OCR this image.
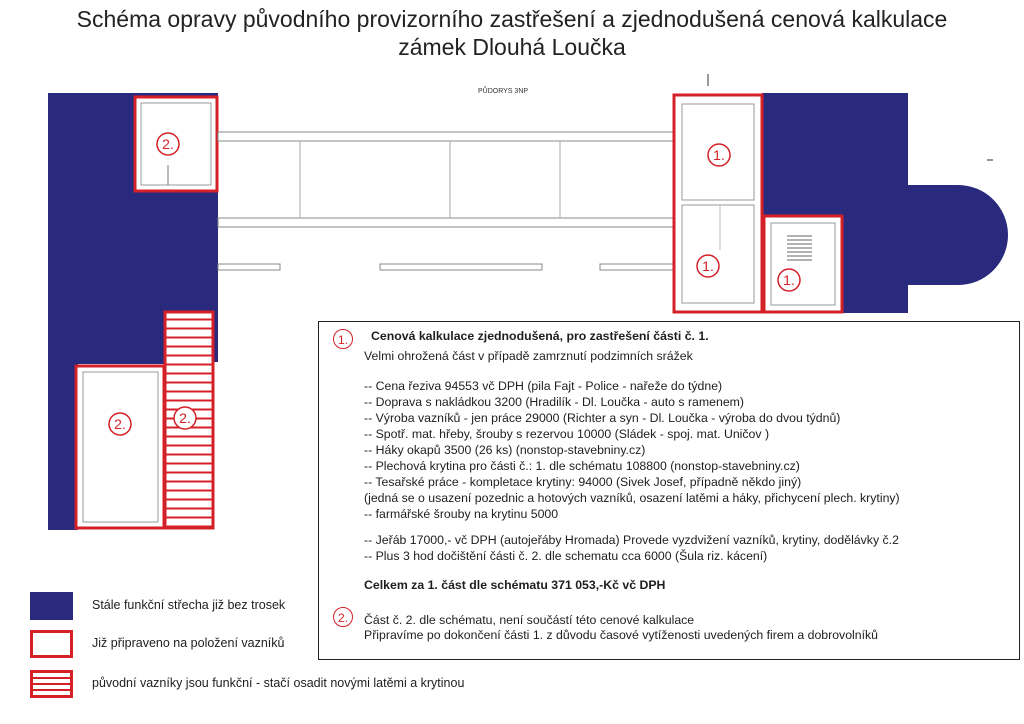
Schéma opravy původního provizorního zastřešení a zjednodušená cenová kalkulace
zámek Dlouhá Loučka
PŮDORYS 3NP
2.
1.
1.
1.
2.	2.
1.	Cenová kalkulace zjednodušená, pro zastřešení části č. 1.
Velmi ohrožená část v případě zamrznutí podzimních srážek
-- Cena řeziva 94553 vč DPH (pila Fajt - Police - nařeže do týdne)
-- Doprava s nakládkou 3200 (Hradilík - Dl. Loučka - auto s ramenem)
-- Výroba vazníků - jen práce 29000 (Richter a syn - Dl. Loučka - výroba do dvou týdnů)
-- Spotř. mat. hřeby, šrouby s rezervou 10000 (Sládek - spoj. mat. Uničov )
-- Háky okapů 3500 (26 ks) (nonstop-stavebniny.cz)
-- Plechová krytina pro části č.: 1. dle schématu 108800 (nonstop-stavebniny.cz)
-- Tesařské práce - kompletace krytiny: 94000 (Sivek Josef, případně někdo jiný)
(jedná se o usazení pozednic a hotových vazníků, osazení latěmi a háky, přichycení plech. krytiny)
-- farmářské šrouby na krytinu 5000
-- Jeřáb 17000,- vč DPH (autojeřáby Hromada) Provede vyzdvižení vazníků, krytiny, dodělávky č.2
-- Plus 3 hod dočištění části č. 2. dle schematu cca 6000 (Šula riz. kácení)
Celkem za 1. část dle schématu 371 053,-Kč vč DPH
2.	Část č. 2. dle schématu, není součástí této cenové kalkulace
Připravíme po dokončení části 1. z důvodu časové vytíženosti uvedených firem a dobrovolníků
Stále funkční střecha již bez trosek
Již připraveno na položení vazníků
původní vazníky jsou funkční - stačí osadit novými latěmi a krytinou
